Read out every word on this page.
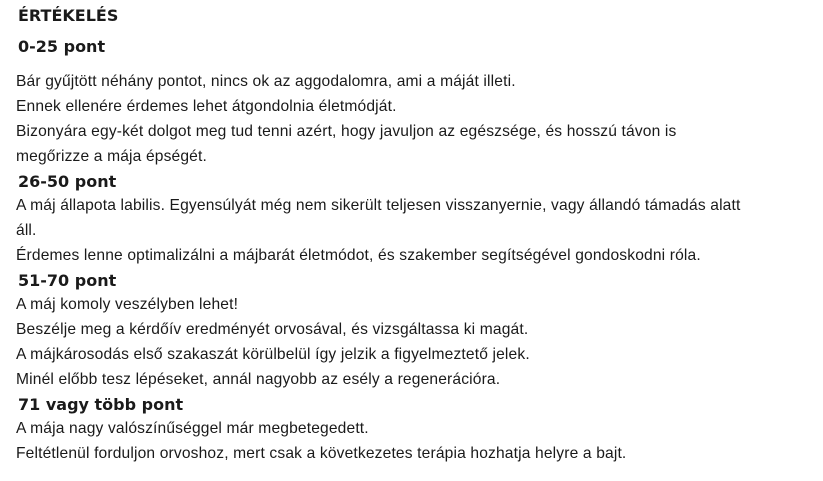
ÉRTÉKELÉS
0-25 pont

Bár gyűjtött néhány pontot, nincs ok az aggodalomra, ami a máját illeti.

Ennek ellenére érdemes lehet átgondolnia életmódját.

Bizonyára egy-két dolgot meg tud tenni azért, hogy javuljon az egészsége, és hosszú távon is

megőrizze a mája épségét.

26-50 pont

A máj állapota labilis. Egyensúlyát még nem sikerült teljesen visszanyernie, vagy állandó támadás alatt

áll.

Érdemes lenne optimalizálni a májbarát életmódot, és szakember segítségével gondoskodni róla.

51-70 pont

A máj komoly veszélyben lehet!

Beszélje meg a kérdőív eredményét orvosával, és vizsgáltassa ki magát.

A májkárosodás első szakaszát körülbelül így jelzik a figyelmeztető jelek.

Minél előbb tesz lépéseket, annál nagyobb az esély a regenerációra.

71 vagy több pont

A mája nagy valószínűséggel már megbetegedett.

Feltétlenül forduljon orvoshoz, mert csak a következetes terápia hozhatja helyre a bajt.
